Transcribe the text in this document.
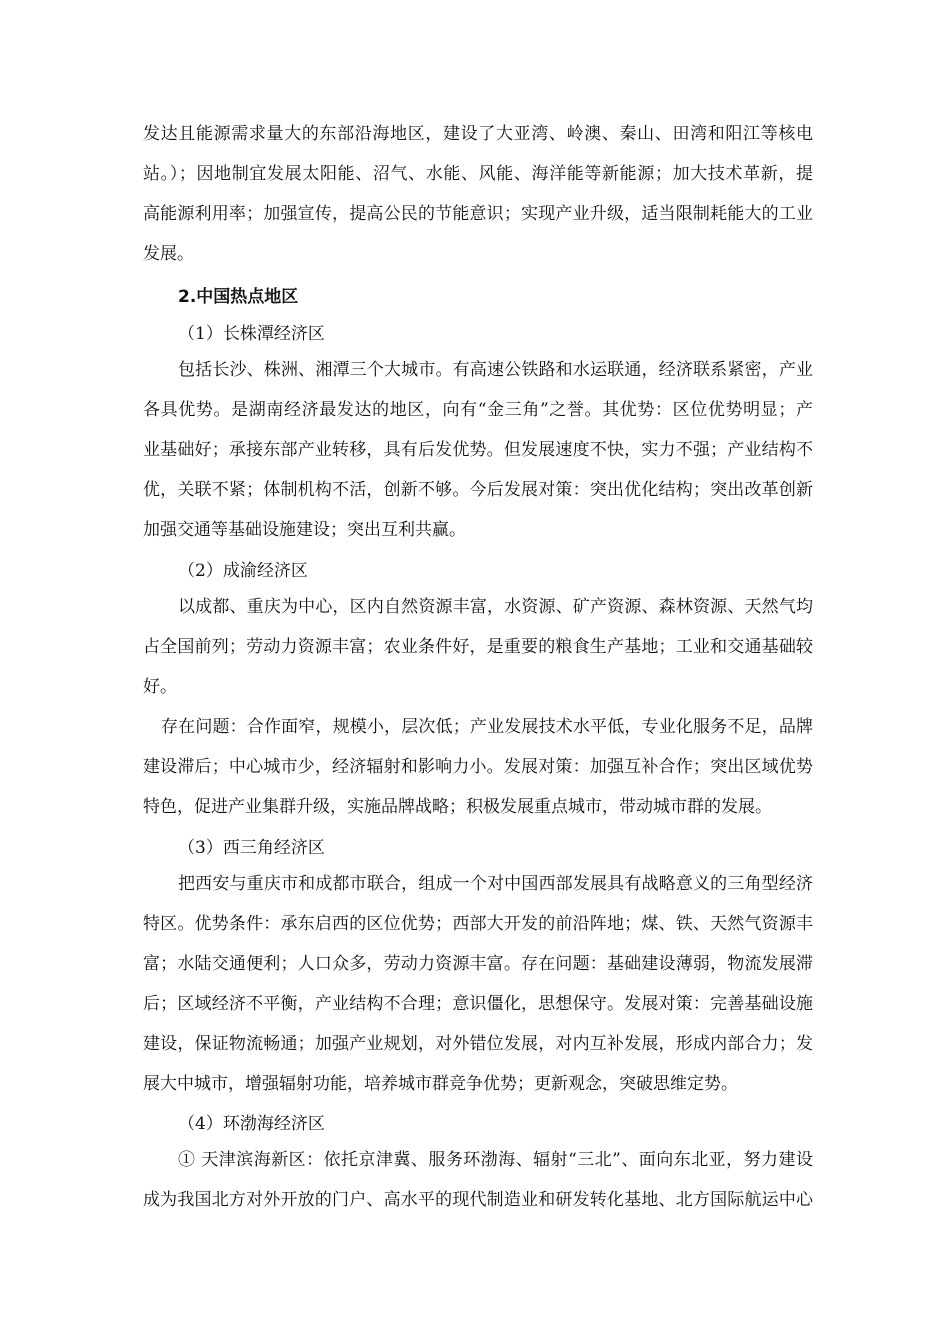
发达且能源需求量大的东部沿海地区，建设了大亚湾、岭澳、秦山、田湾和阳江等核电
站。）；因地制宜发展太阳能、沼气、水能、风能、海洋能等新能源；加大技术革新，提
高能源利用率；加强宣传，提高公民的节能意识；实现产业升级，适当限制耗能大的工业
发展。
2.中国热点地区
（1）长株潭经济区
包括长沙、株洲、湘潭三个大城市。有高速公铁路和水运联通，经济联系紧密，产业
各具优势。是湖南经济最发达的地区，向有“金三角”之誉。其优势：区位优势明显；产
业基础好；承接东部产业转移，具有后发优势。但发展速度不快，实力不强；产业结构不
优，关联不紧；体制机构不活，创新不够。今后发展对策：突出优化结构；突出改革创新
加强交通等基础设施建设；突出互利共赢。
（2）成渝经济区
以成都、重庆为中心，区内自然资源丰富，水资源、矿产资源、森林资源、天然气均
占全国前列；劳动力资源丰富；农业条件好，是重要的粮食生产基地；工业和交通基础较
好。
存在问题：合作面窄，规模小，层次低；产业发展技术水平低，专业化服务不足，品牌
建设滞后；中心城市少，经济辐射和影响力小。发展对策：加强互补合作；突出区域优势
特色，促进产业集群升级，实施品牌战略；积极发展重点城市，带动城市群的发展。
（3）西三角经济区
把西安与重庆市和成都市联合，组成一个对中国西部发展具有战略意义的三角型经济
特区。优势条件：承东启西的区位优势；西部大开发的前沿阵地；煤、铁、天然气资源丰
富；水陆交通便利；人口众多，劳动力资源丰富。存在问题：基础建设薄弱，物流发展滞
后；区域经济不平衡，产业结构不合理；意识僵化，思想保守。发展对策：完善基础设施
建设，保证物流畅通；加强产业规划，对外错位发展，对内互补发展，形成内部合力；发
展大中城市，增强辐射功能，培养城市群竞争优势；更新观念，突破思维定势。
（4）环渤海经济区
① 天津滨海新区：依托京津冀、服务环渤海、辐射“三北”、面向东北亚，努力建设
成为我国北方对外开放的门户、高水平的现代制造业和研发转化基地、北方国际航运中心
